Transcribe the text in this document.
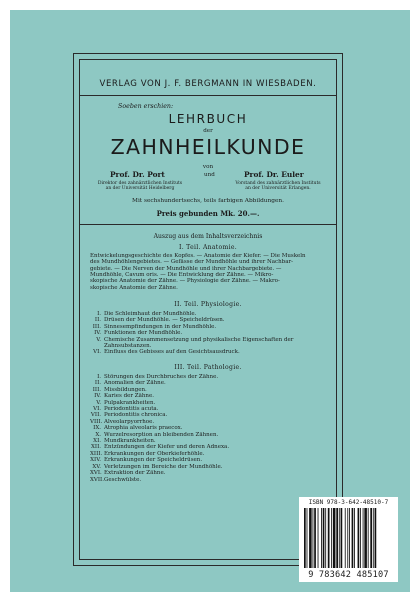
VERLAG VON J. F. BERGMANN IN WIESBADEN.
Soeben erschien:
LEHRBUCH
der
ZAHNHEILKUNDE
von
Prof. Dr. Port	und	Prof. Dr. Euler
Direktor des zahnärztlichen Instituts
an der Universität Heidelberg
Vorstand des zahnärztlichen Instituts
an der Universität Erlangen.
Mit sechshundertsechs, teils farbigen Abbildungen.
Preis gebunden Mk. 20.—.
Auszug aus dem Inhaltsverzeichnis
I. Teil. Anatomie.
Entwickelungsgeschichte des Kopfes. — Anatomie der Kiefer. — Die Muskeln
des Mundhöhlengebietes. — Gefässe der Mundhöhle und ihrer Nachbar-
gebiete. — Die Nerven der Mundhöhle und ihrer Nachbargebiete. —
Mundhöhle, Cavum oris. — Die Entwicklung der Zähne. — Mikro-
skopische Anatomie der Zähne. — Physiologie der Zähne. — Makro-
skopische Anatomie der Zähne.
II. Teil. Physiologie.
I. Die Schleimhaut der Mundhöhle.
II. Drüsen der Mundhöhle. — Speicheldrüsen.
III. Sinnesempfindungen in der Mundhöhle.
IV. Funktionen der Mundhöhle.
V. Chemische Zusammensetzung und physikalische Eigenschaften der
Zahnsubstanzen.
VI. Einfluss des Gebisses auf den Gesichtsausdruck.
III. Teil. Pathologie.
I. Störungen des Durchbruches der Zähne.
II. Anomalien der Zähne.
III. Missbildungen.
IV. Karies der Zähne.
V. Pulpakrankheiten.
VI. Periodontitis acuta.
VII. Periodontitis chronica.
VIII. Alveolarpyorrhoe.
IX. Atrophia alveolaris praecox.
X. Wurzelresorption an bleibenden Zähnen.
XI. Mundkrankheiten.
XII. Entzündungen der Kiefer und deren Adnexa.
XIII. Erkrankungen der Oberkieferhöhle.
XIV. Erkrankungen der Speicheldrüsen.
XV. Verletzungen im Bereiche der Mundhöhle.
XVI. Extraktion der Zähne.
XVII. Geschwülste.
ISBN 978-3-642-48510-7
9 783642 485107
